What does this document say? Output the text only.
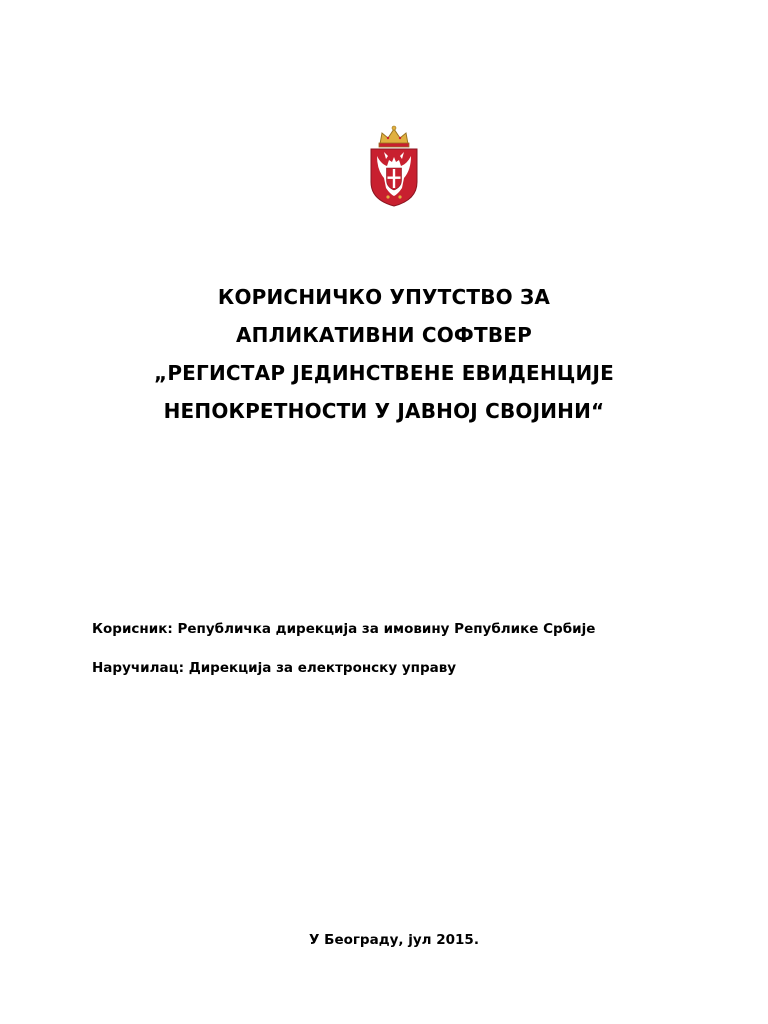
КОРИСНИЧКО УПУТСТВО ЗА
АПЛИКАТИВНИ СОФТВЕР
„РЕГИСТАР ЈЕДИНСТВЕНЕ ЕВИДЕНЦИЈЕ
НЕПОКРЕТНОСТИ У ЈАВНОЈ СВОЈИНИ“
Корисник: Републичка дирекција за имовину Републике Србије
Наручилац: Дирекција за електронску управу
У Београду, јул 2015.
